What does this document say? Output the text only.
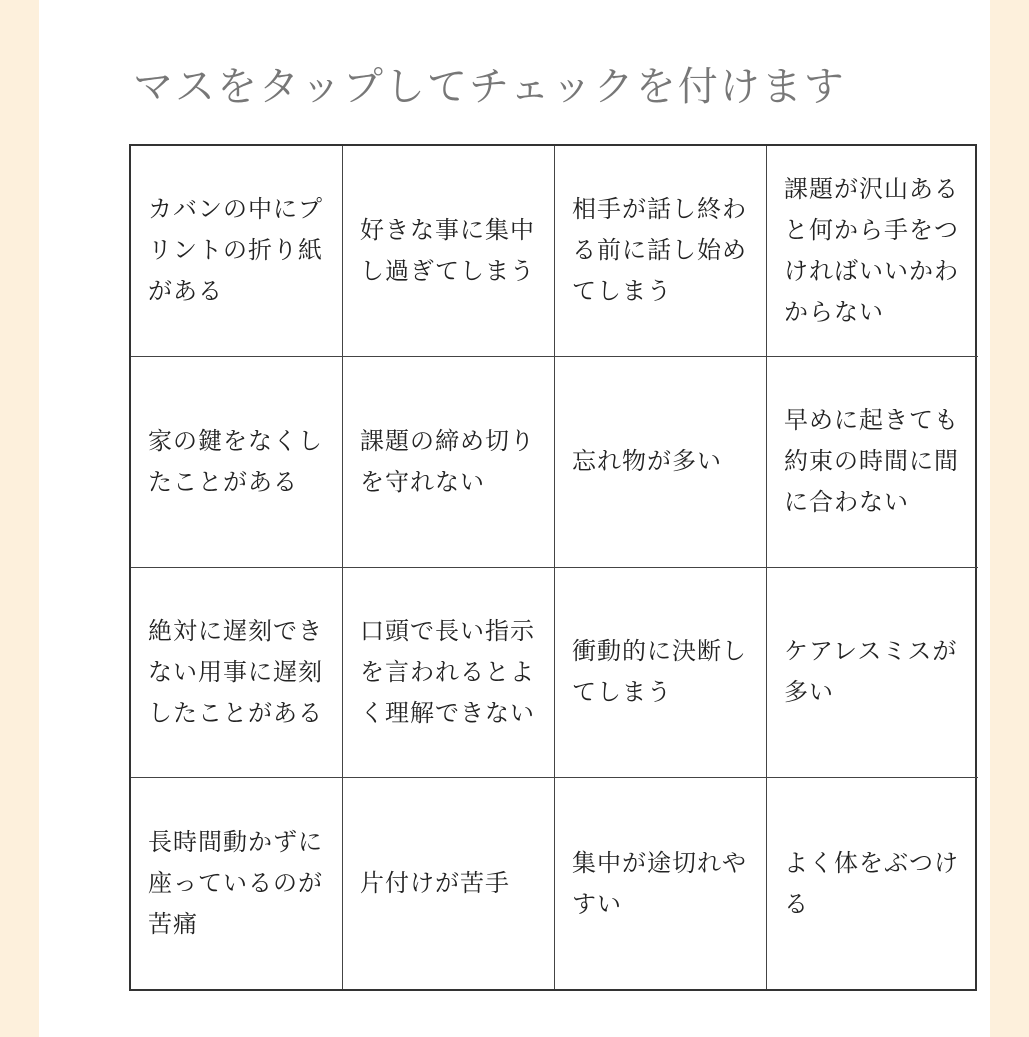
マスをタップしてチェックを付けます
カバンの中にプリントの折り紙がある
好きな事に集中し過ぎてしまう
相手が話し終わる前に話し始めてしまう
課題が沢山あると何から手をつければいいかわからない
家の鍵をなくしたことがある
課題の締め切りを守れない
忘れ物が多い
早めに起きても約束の時間に間に合わない
絶対に遅刻できない用事に遅刻したことがある
口頭で長い指示を言われるとよく理解できない
衝動的に決断してしまう
ケアレスミスが多い
長時間動かずに座っているのが苦痛
片付けが苦手
集中が途切れやすい
よく体をぶつける
